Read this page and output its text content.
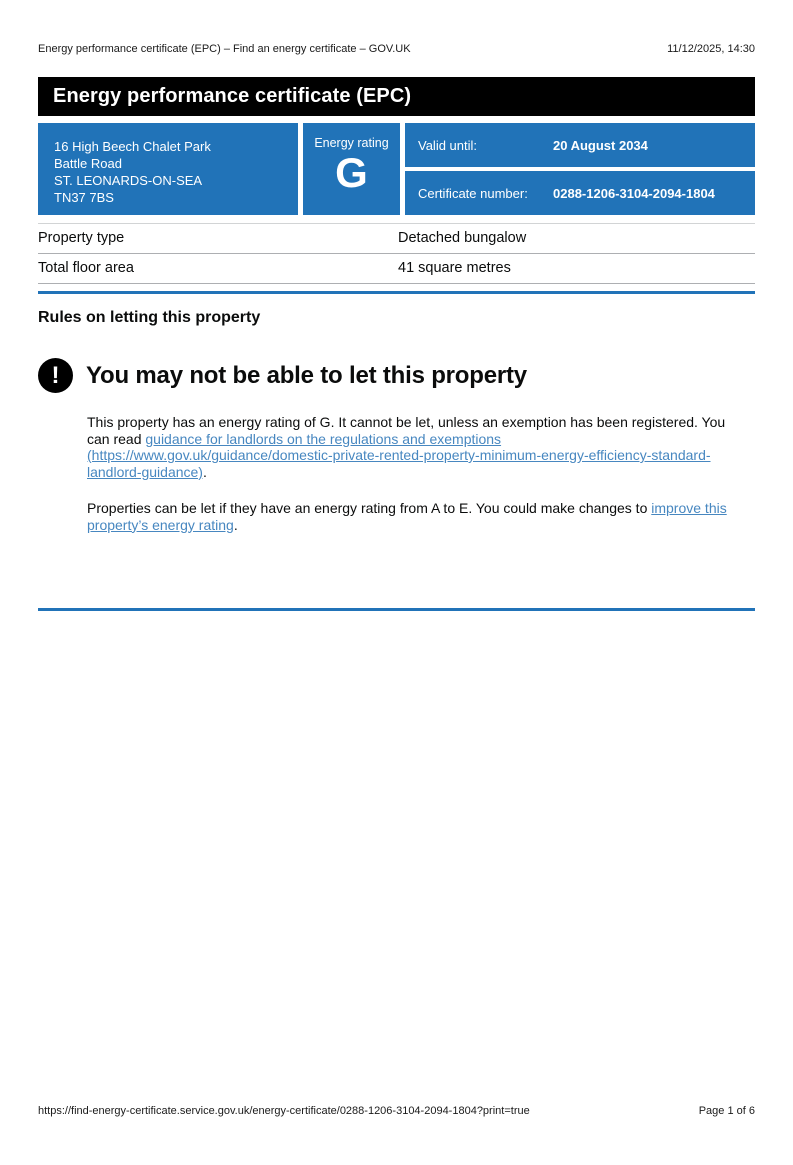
Energy performance certificate (EPC) – Find an energy certificate – GOV.UK	11/12/2025, 14:30
Energy performance certificate (EPC)
16 High Beech Chalet Park
Battle Road
ST. LEONARDS-ON-SEA
TN37 7BS
Energy rating
G
Valid until:	20 August 2034
Certificate number:	0288-1206-3104-2094-1804
Property type	Detached bungalow
Total floor area	41 square metres
Rules on letting this property
!	You may not be able to let this property

This property has an energy rating of G. It cannot be let, unless an exemption has been registered. You can read guidance for landlords on the regulations and exemptions (https://www.gov.uk/guidance/domestic-private-rented-property-minimum-energy-efficiency-standard-landlord-guidance).

Properties can be let if they have an energy rating from A to E. You could make changes to improve this property’s energy rating.

https://find-energy-certificate.service.gov.uk/energy-certificate/0288-1206-3104-2094-1804?print=true	Page 1 of 6
